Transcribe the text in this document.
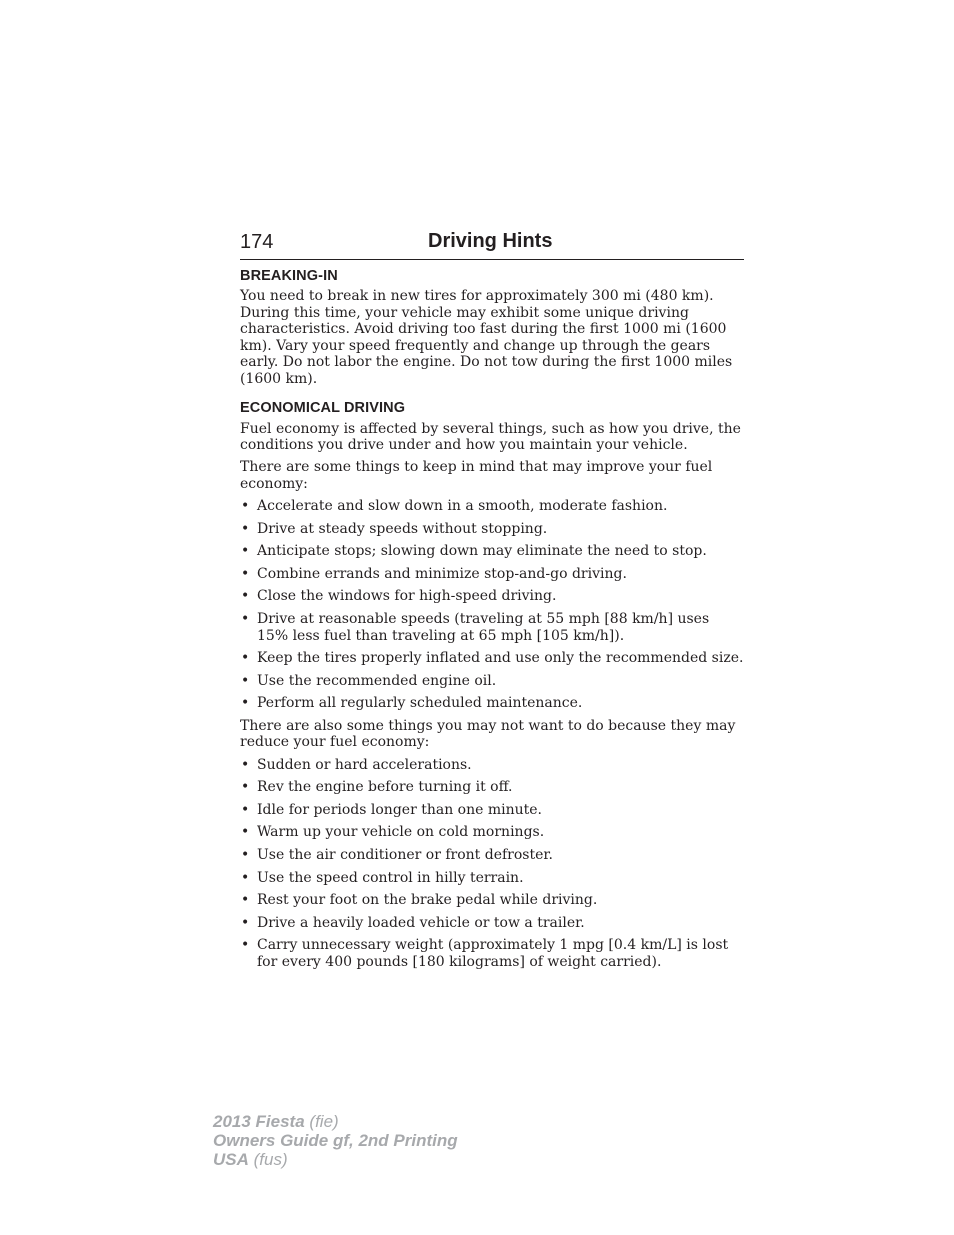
174	Driving Hints
BREAKING-IN

You need to break in new tires for approximately 300 mi (480 km). During this time, your vehicle may exhibit some unique driving characteristics. Avoid driving too fast during the first 1000 mi (1600 km). Vary your speed frequently and change up through the gears early. Do not labor the engine. Do not tow during the first 1000 miles (1600 km).

ECONOMICAL DRIVING

Fuel economy is affected by several things, such as how you drive, the conditions you drive under and how you maintain your vehicle.

There are some things to keep in mind that may improve your fuel economy:

• Accelerate and slow down in a smooth, moderate fashion.
• Drive at steady speeds without stopping.
• Anticipate stops; slowing down may eliminate the need to stop.
• Combine errands and minimize stop-and-go driving.
• Close the windows for high-speed driving.
• Drive at reasonable speeds (traveling at 55 mph [88 km/h] uses 15% less fuel than traveling at 65 mph [105 km/h]).
• Keep the tires properly inflated and use only the recommended size.
• Use the recommended engine oil.
• Perform all regularly scheduled maintenance.

There are also some things you may not want to do because they may reduce your fuel economy:

• Sudden or hard accelerations.
• Rev the engine before turning it off.
• Idle for periods longer than one minute.
• Warm up your vehicle on cold mornings.
• Use the air conditioner or front defroster.
• Use the speed control in hilly terrain.
• Rest your foot on the brake pedal while driving.
• Drive a heavily loaded vehicle or tow a trailer.
• Carry unnecessary weight (approximately 1 mpg [0.4 km/L] is lost for every 400 pounds [180 kilograms] of weight carried).
2013 Fiesta (fie)
Owners Guide gf, 2nd Printing
USA (fus)
